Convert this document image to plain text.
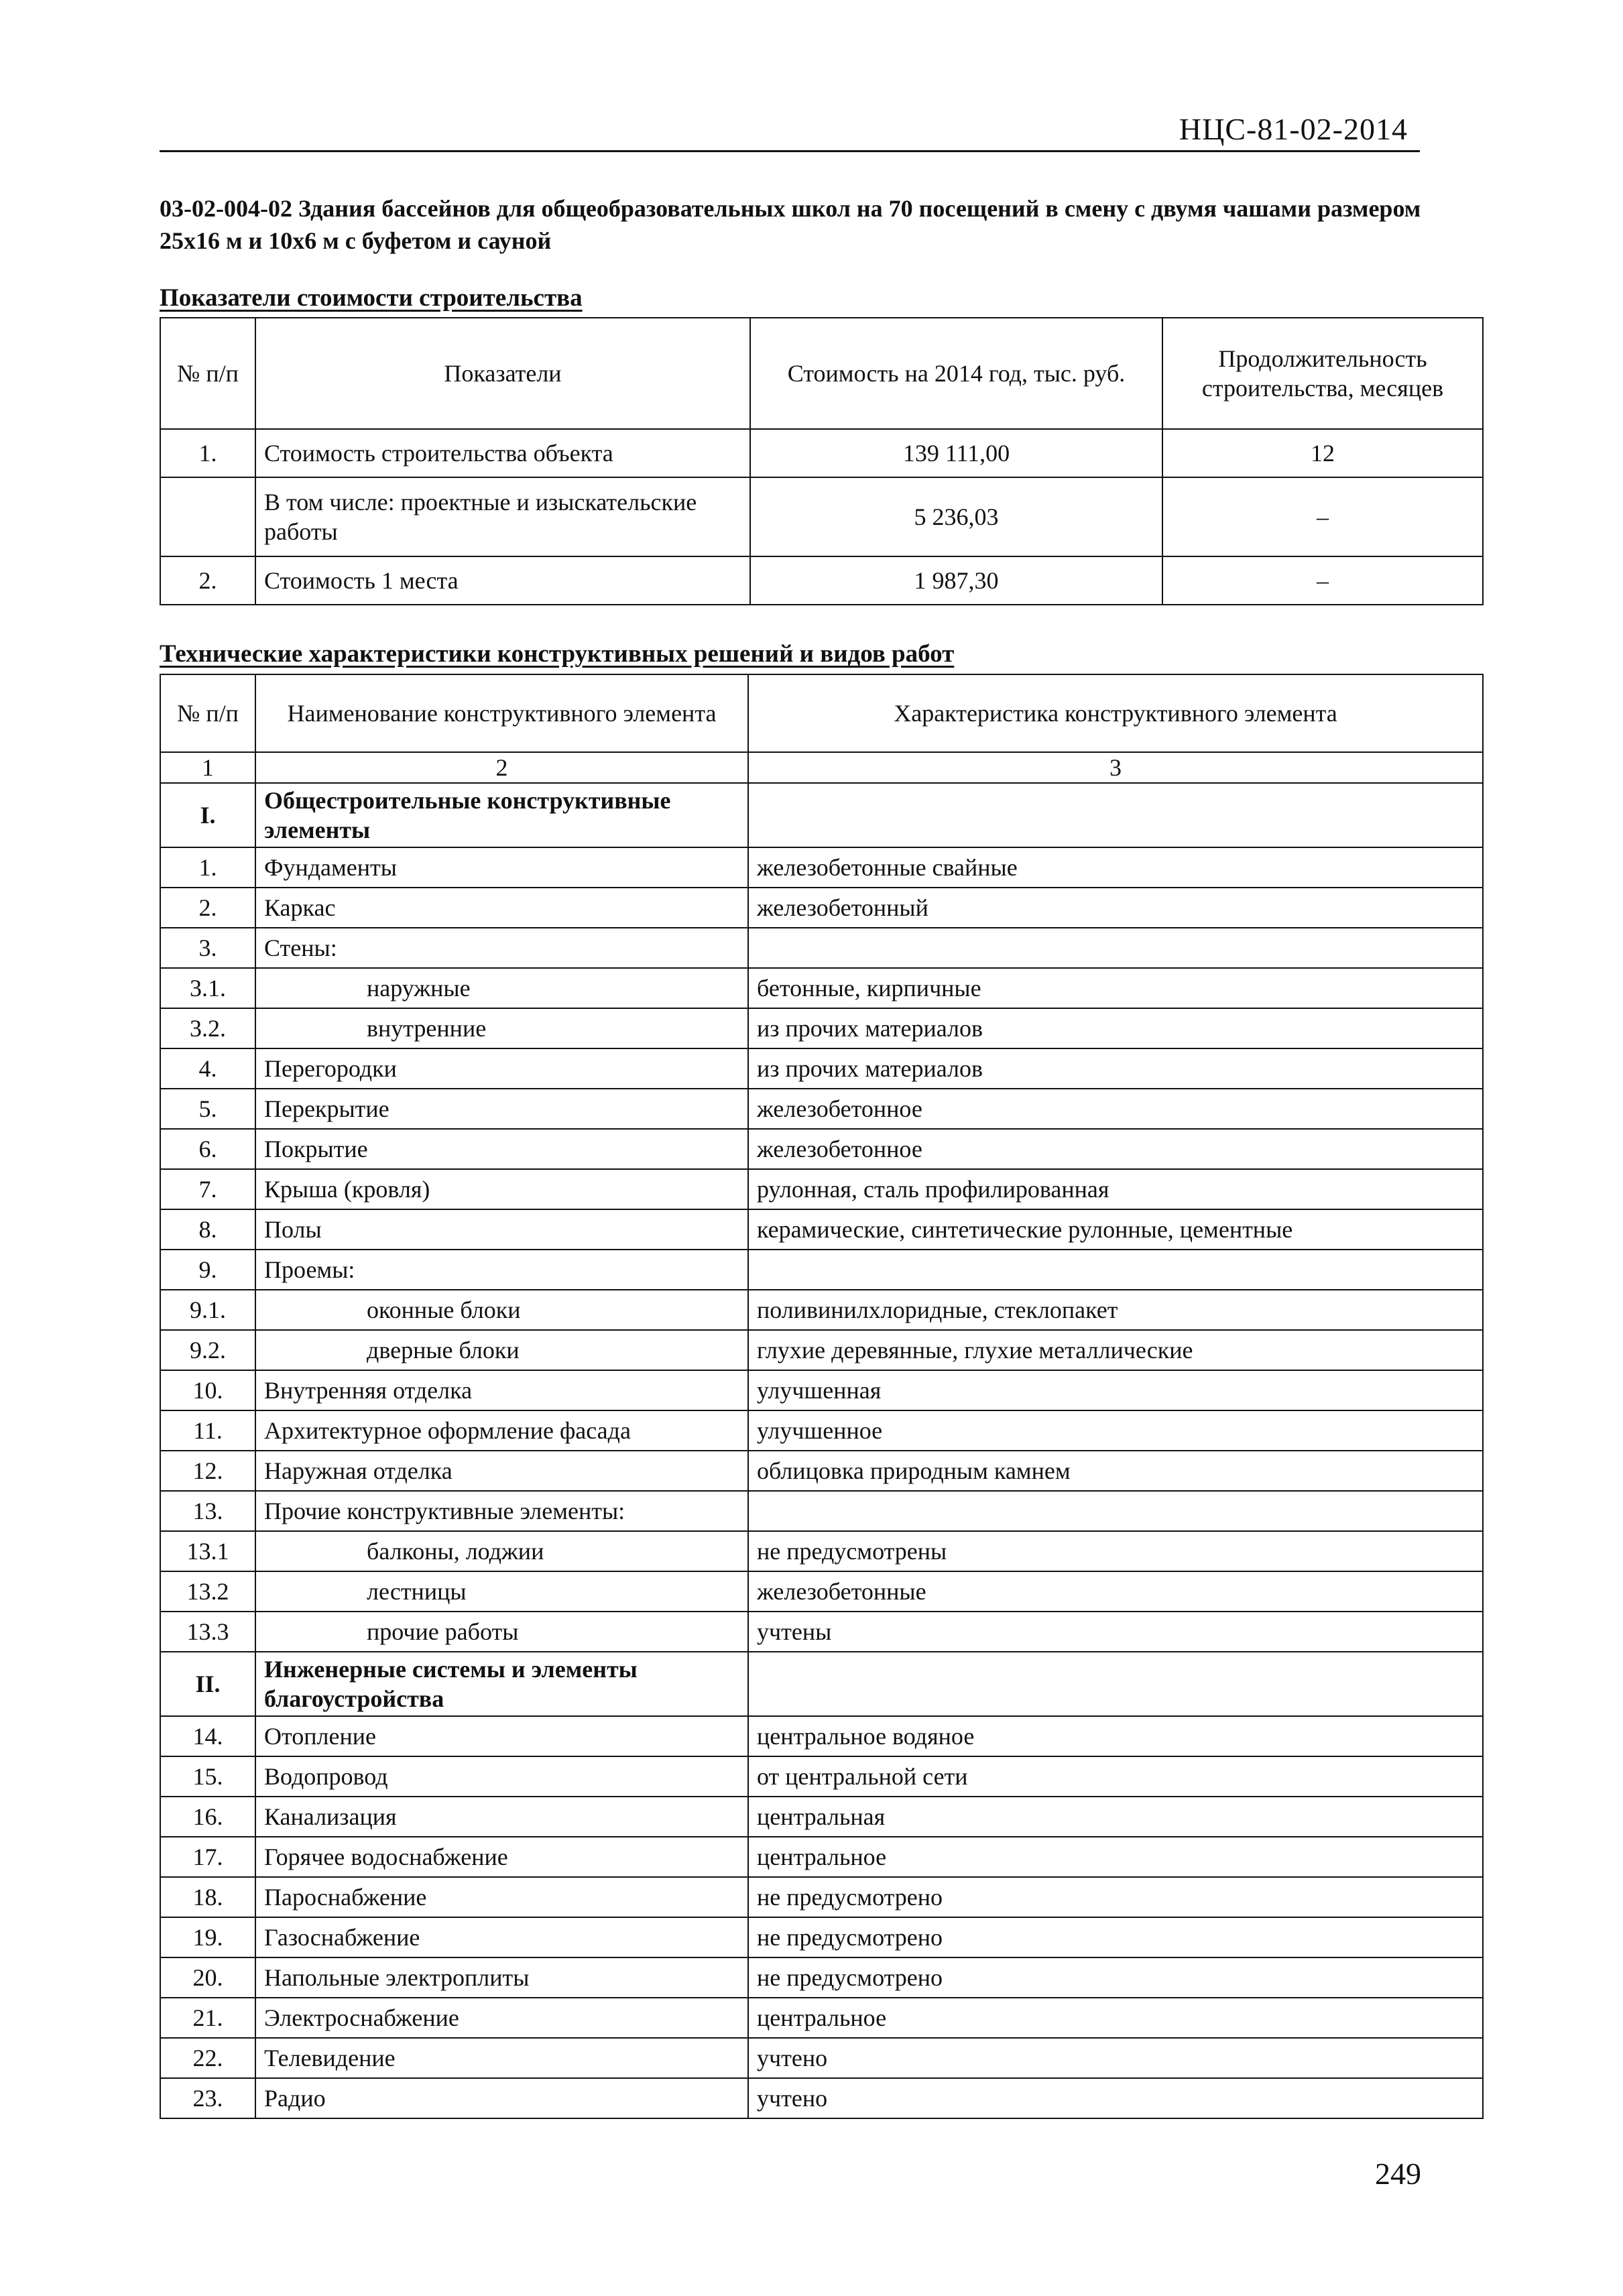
НЦС-81-02-2014
03-02-004-02 Здания бассейнов для общеобразовательных школ на 70 посещений в смену с двумя чашами размером 25х16 м и 10х6 м с буфетом и сауной
Показатели стоимости строительства
№ п/п	Показатели	Стоимость на 2014 год, тыс. руб.	Продолжительность строительства, месяцев
1.	Стоимость строительства объекта	139 111,00	12
	В том числе: проектные и изыскательские работы	5 236,03	–
2.	Стоимость 1 места	1 987,30	–
Технические характеристики конструктивных решений и видов работ
№ п/п	Наименование конструктивного элемента	Характеристика конструктивного элемента
1	2	3
I.	Общестроительные конструктивные элементы	
1.	Фундаменты	железобетонные свайные
2.	Каркас	железобетонный
3.	Стены:	
3.1.	наружные	бетонные, кирпичные
3.2.	внутренние	из прочих материалов
4.	Перегородки	из прочих материалов
5.	Перекрытие	железобетонное
6.	Покрытие	железобетонное
7.	Крыша (кровля)	рулонная, сталь профилированная
8.	Полы	керамические, синтетические рулонные, цементные
9.	Проемы:	
9.1.	оконные блоки	поливинилхлоридные, стеклопакет
9.2.	дверные блоки	глухие деревянные, глухие металлические
10.	Внутренняя отделка	улучшенная
11.	Архитектурное оформление фасада	улучшенное
12.	Наружная отделка	облицовка природным камнем
13.	Прочие конструктивные элементы:	
13.1	балконы, лоджии	не предусмотрены
13.2	лестницы	железобетонные
13.3	прочие работы	учтены
II.	Инженерные системы и элементы благоустройства	
14.	Отопление	центральное водяное
15.	Водопровод	от центральной сети
16.	Канализация	центральная
17.	Горячее водоснабжение	центральное
18.	Пароснабжение	не предусмотрено
19.	Газоснабжение	не предусмотрено
20.	Напольные электроплиты	не предусмотрено
21.	Электроснабжение	центральное
22.	Телевидение	учтено
23.	Радио	учтено
249
